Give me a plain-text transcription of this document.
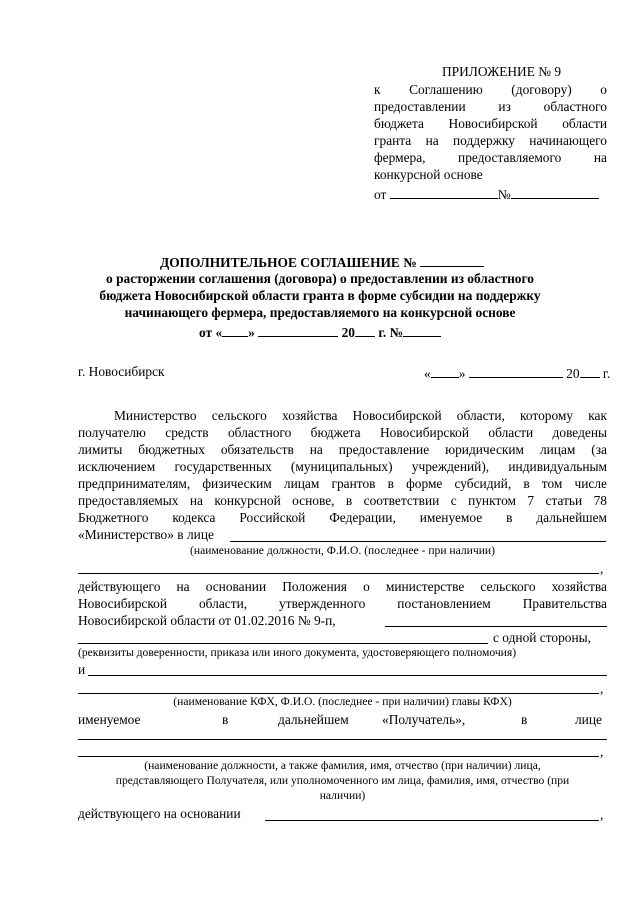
ПРИЛОЖЕНИЕ № 9
к Соглашению (договору) о
предоставлении из областного
бюджета Новосибирской области
гранта на поддержку начинающего
фермера, предоставляемого на
конкурсной основе
от	№
ДОПОЛНИТЕЛЬНОЕ СОГЛАШЕНИЕ №
о расторжении соглашения (договора) о предоставлении из областного
бюджета Новосибирской области гранта в форме субсидии на поддержку
начинающего фермера, предоставляемого на конкурсной основе
от « »	20 г. №
г. Новосибирск	« »	20 г.
Министерство сельского хозяйства Новосибирской области, которому как
получателю средств областного бюджета Новосибирской области доведены
лимиты бюджетных обязательств на предоставление юридическим лицам (за
исключением государственных (муниципальных) учреждений), индивидуальным
предпринимателям, физическим лицам грантов в форме субсидий, в том числе
предоставляемых на конкурсной основе, в соответствии с пунктом 7 статьи 78
Бюджетного кодекса Российской Федерации, именуемое в дальнейшем
«Министерство» в лице
(наименование должности, Ф.И.О. (последнее - при наличии)
,
действующего на основании Положения о министерстве сельского хозяйства
Новосибирской области, утвержденного постановлением Правительства
Новосибирской области от 01.02.2016 № 9-п,
с одной стороны,
(реквизиты доверенности, приказа или иного документа, удостоверяющего полномочия)
и
,
(наименование КФХ, Ф.И.О. (последнее - при наличии) главы КФХ)
именуемое	в	дальнейшем «Получатель»,	в	лице
,
(наименование должности, а также фамилия, имя, отчество (при наличии) лица,
представляющего Получателя, или уполномоченного им лица, фамилия, имя, отчество (при
наличии)
действующего на основании	,
